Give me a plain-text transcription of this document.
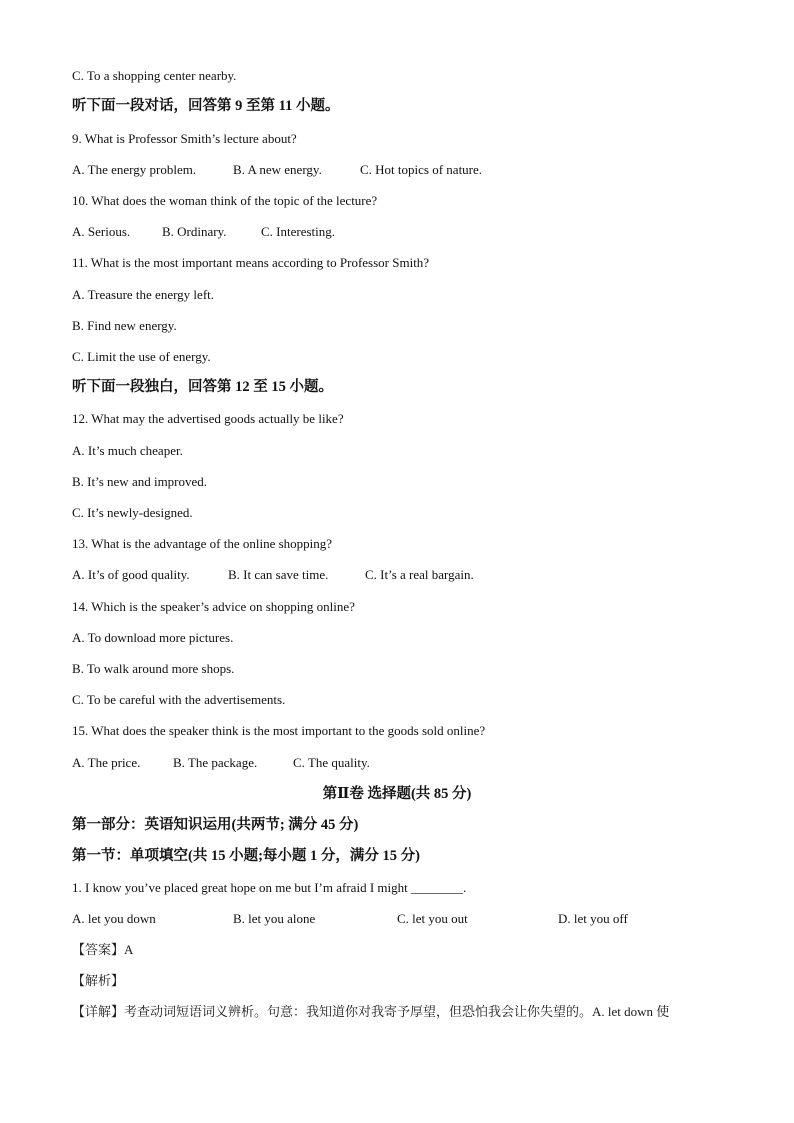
C. To a shopping center nearby.
听下面一段对话，回答第 9 至第 11 小题。
9. What is Professor Smith’s lecture about?
A. The energy problem.	B. A new energy.	C. Hot topics of nature.
10. What does the woman think of the topic of the lecture?
A. Serious. B. Ordinary.	C. Interesting.
11. What is the most important means according to Professor Smith?
A. Treasure the energy left.
B. Find new energy.
C. Limit the use of energy.
听下面一段独白，回答第 12 至 15 小题。
12. What may the advertised goods actually be like?
A. It’s much cheaper.
B. It’s new and improved.
C. It’s newly-designed.
13. What is the advantage of the online shopping?
A. It’s of good quality.	B. It can save time.	C. It’s a real bargain.
14. Which is the speaker’s advice on shopping online?
A. To download more pictures.
B. To walk around more shops.
C. To be careful with the advertisements.
15. What does the speaker think is the most important to the goods sold online?
A. The price.	B. The package.	C. The quality.
第Ⅱ卷 选择题(共 85 分)
第一部分：英语知识运用(共两节; 满分 45 分)
第一节：单项填空(共 15 小题;每小题 1 分，满分 15 分)
1. I know you’ve placed great hope on me but I’m afraid I might ________.
A. let you down	B. let you alone	C. let you out	D. let you off
【答案】A
【解析】
【详解】考查动词短语词义辨析。句意：我知道你对我寄予厚望，但恐怕我会让你失望的。A. let down 使
